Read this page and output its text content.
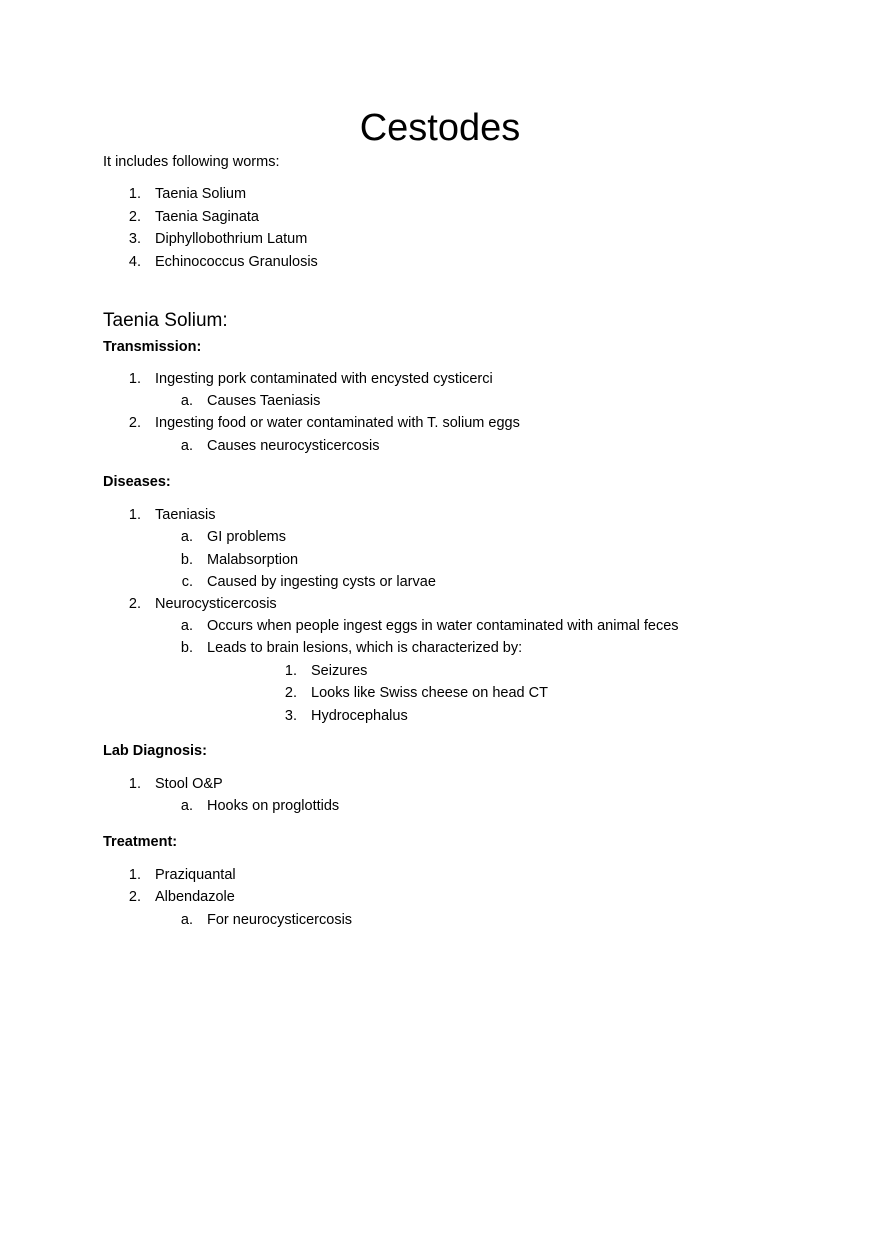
Cestodes

It includes following worms:

1. Taenia Solium

2. Taenia Saginata

3. Diphyllobothrium Latum

4. Echinococcus Granulosis

Taenia Solium:

Transmission:

1. Ingesting pork contaminated with encysted cysticerci

a. Causes Taeniasis

2. Ingesting food or water contaminated with T. solium eggs

a. Causes neurocysticercosis

Diseases:

1. Taeniasis

a. GI problems

b. Malabsorption

c. Caused by ingesting cysts or larvae

2. Neurocysticercosis

a. Occurs when people ingest eggs in water contaminated with animal feces

b. Leads to brain lesions, which is characterized by:

1. Seizures

2. Looks like Swiss cheese on head CT

3. Hydrocephalus

Lab Diagnosis:

1. Stool O&P

a. Hooks on proglottids

Treatment:

1. Praziquantal

2. Albendazole

a. For neurocysticercosis
